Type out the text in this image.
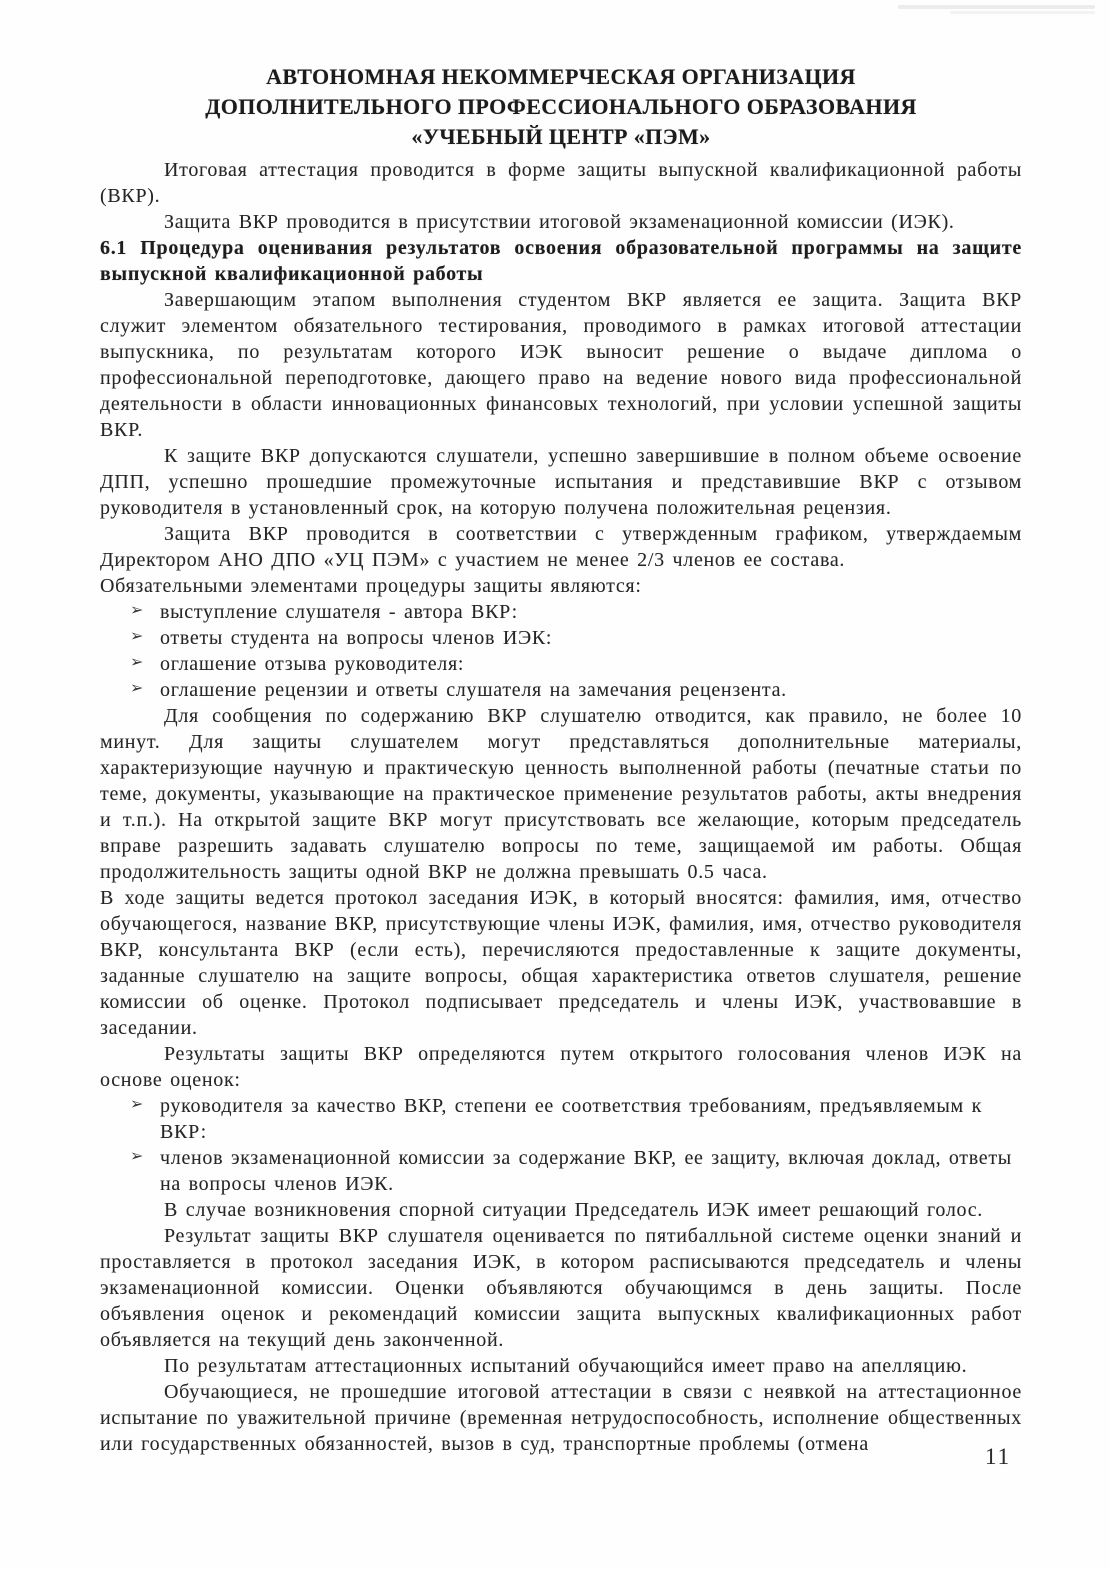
АВТОНОМНАЯ НЕКОММЕРЧЕСКАЯ ОРГАНИЗАЦИЯ
ДОПОЛНИТЕЛЬНОГО ПРОФЕССИОНАЛЬНОГО ОБРАЗОВАНИЯ
«УЧЕБНЫЙ ЦЕНТР «ПЭМ»

Итоговая аттестация проводится в форме защиты выпускной квалификационной работы (ВКР).

Защита ВКР проводится в присутствии итоговой экзаменационной комиссии (ИЭК).

6.1 Процедура оценивания результатов освоения образовательной программы на защите выпускной квалификационной работы

Завершающим этапом выполнения студентом ВКР является ее защита. Защита ВКР служит элементом обязательного тестирования, проводимого в рамках итоговой аттестации выпускника, по результатам которого ИЭК выносит решение о выдаче диплома о профессиональной переподготовке, дающего право на ведение нового вида профессиональной деятельности в области инновационных финансовых технологий, при условии успешной защиты ВКР.

К защите ВКР допускаются слушатели, успешно завершившие в полном объеме освоение ДПП, успешно прошедшие промежуточные испытания и представившие ВКР с отзывом руководителя в установленный срок, на которую получена положительная рецензия.

Защита ВКР проводится в соответствии с утвержденным графиком, утверждаемым Директором АНО ДПО «УЦ ПЭМ» с участием не менее 2/3 членов ее состава.

Обязательными элементами процедуры защиты являются:

➢ выступление слушателя - автора ВКР:
➢ ответы студента на вопросы членов ИЭК:
➢ оглашение отзыва руководителя:
➢ оглашение рецензии и ответы слушателя на замечания рецензента.

Для сообщения по содержанию ВКР слушателю отводится, как правило, не более 10 минут. Для защиты слушателем могут представляться дополнительные материалы, характеризующие научную и практическую ценность выполненной работы (печатные статьи по теме, документы, указывающие на практическое применение результатов работы, акты внедрения и т.п.). На открытой защите ВКР могут присутствовать все желающие, которым председатель вправе разрешить задавать слушателю вопросы по теме, защищаемой им работы. Общая продолжительность защиты одной ВКР не должна превышать 0.5 часа.

В ходе защиты ведется протокол заседания ИЭК, в который вносятся: фамилия, имя, отчество обучающегося, название ВКР, присутствующие члены ИЭК, фамилия, имя, отчество руководителя ВКР, консультанта ВКР (если есть), перечисляются предоставленные к защите документы, заданные слушателю на защите вопросы, общая характеристика ответов слушателя, решение комиссии об оценке. Протокол подписывает председатель и члены ИЭК, участвовавшие в заседании.

Результаты защиты ВКР определяются путем открытого голосования членов ИЭК на основе оценок:

➢ руководителя за качество ВКР, степени ее соответствия требованиям, предъявляемым к ВКР:
➢ членов экзаменационной комиссии за содержание ВКР, ее защиту, включая доклад, ответы на вопросы членов ИЭК.

В случае возникновения спорной ситуации Председатель ИЭК имеет решающий голос.

Результат защиты ВКР слушателя оценивается по пятибалльной системе оценки знаний и проставляется в протокол заседания ИЭК, в котором расписываются председатель и члены экзаменационной комиссии. Оценки объявляются обучающимся в день защиты. После объявления оценок и рекомендаций комиссии защита выпускных квалификационных работ объявляется на текущий день законченной.

По результатам аттестационных испытаний обучающийся имеет право на апелляцию.

Обучающиеся, не прошедшие итоговой аттестации в связи с неявкой на аттестационное испытание по уважительной причине (временная нетрудоспособность, исполнение общественных или государственных обязанностей, вызов в суд, транспортные проблемы (отмена	11
